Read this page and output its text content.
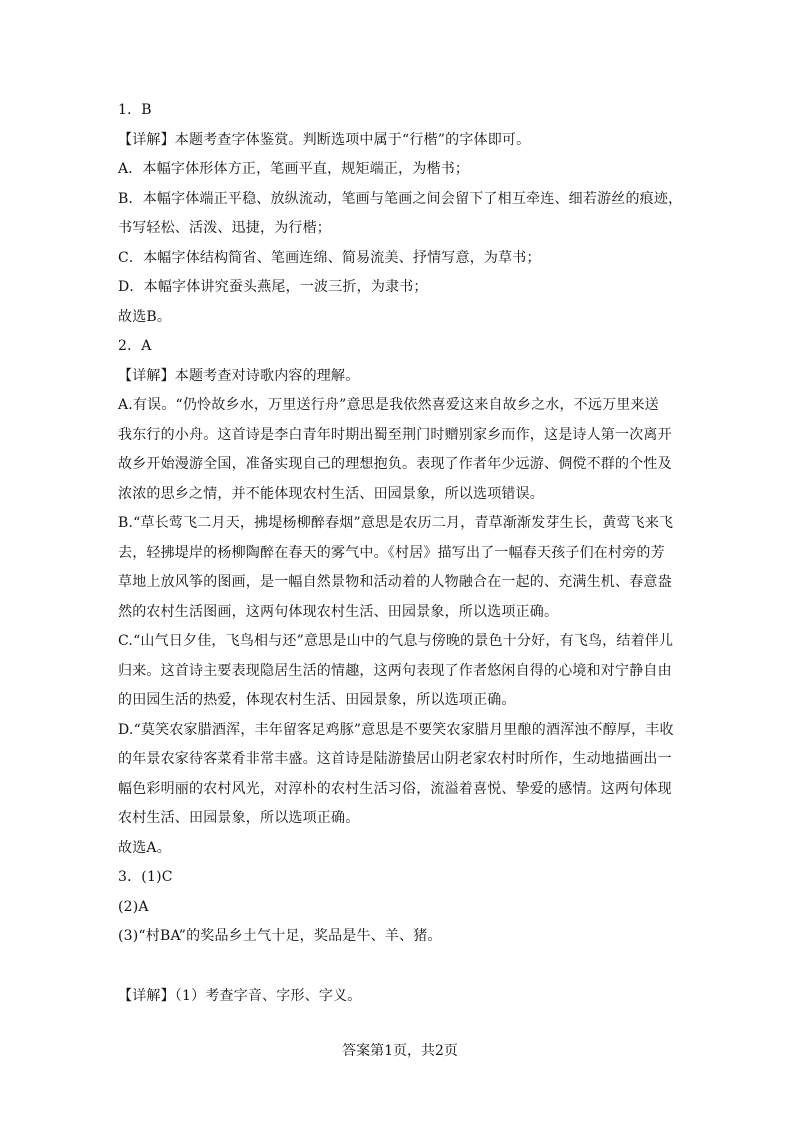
1．B
【详解】本题考查字体鉴赏。判断选项中属于“行楷”的字体即可。
A．本幅字体形体方正，笔画平直，规矩端正，为楷书；
B．本幅字体端正平稳、放纵流动，笔画与笔画之间会留下了相互牵连、细若游丝的痕迹，
书写轻松、活泼、迅捷，为行楷；
C．本幅字体结构简省、笔画连绵、简易流美、抒情写意，为草书；
D．本幅字体讲究蚕头燕尾，一波三折，为隶书；
故选B。
2．A
【详解】本题考查对诗歌内容的理解。
A.有误。“仍怜故乡水，万里送行舟”意思是我依然喜爱这来自故乡之水，不远万里来送
我东行的小舟。这首诗是李白青年时期出蜀至荆门时赠别家乡而作，这是诗人第一次离开
故乡开始漫游全国，准备实现自己的理想抱负。表现了作者年少远游、倜傥不群的个性及
浓浓的思乡之情，并不能体现农村生活、田园景象，所以选项错误。
B.“草长莺飞二月天，拂堤杨柳醉春烟”意思是农历二月，青草渐渐发芽生长，黄莺飞来飞
去，轻拂堤岸的杨柳陶醉在春天的雾气中。《村居》描写出了一幅春天孩子们在村旁的芳
草地上放风筝的图画，是一幅自然景物和活动着的人物融合在一起的、充满生机、春意盎
然的农村生活图画，这两句体现农村生活、田园景象，所以选项正确。
C.“山气日夕佳，飞鸟相与还”意思是山中的气息与傍晚的景色十分好，有飞鸟，结着伴儿
归来。这首诗主要表现隐居生活的情趣，这两句表现了作者悠闲自得的心境和对宁静自由
的田园生活的热爱，体现农村生活、田园景象，所以选项正确。
D.“莫笑农家腊酒浑，丰年留客足鸡豚”意思是不要笑农家腊月里酿的酒浑浊不醇厚，丰收
的年景农家待客菜肴非常丰盛。这首诗是陆游蛰居山阴老家农村时所作，生动地描画出一
幅色彩明丽的农村风光，对淳朴的农村生活习俗，流溢着喜悦、挚爱的感情。这两句体现
农村生活、田园景象，所以选项正确。
故选A。
3．(1)C
(2)A
(3)“村BA”的奖品乡土气十足，奖品是牛、羊、猪。
【详解】（1）考查字音、字形、字义。
答案第1页，共2页
